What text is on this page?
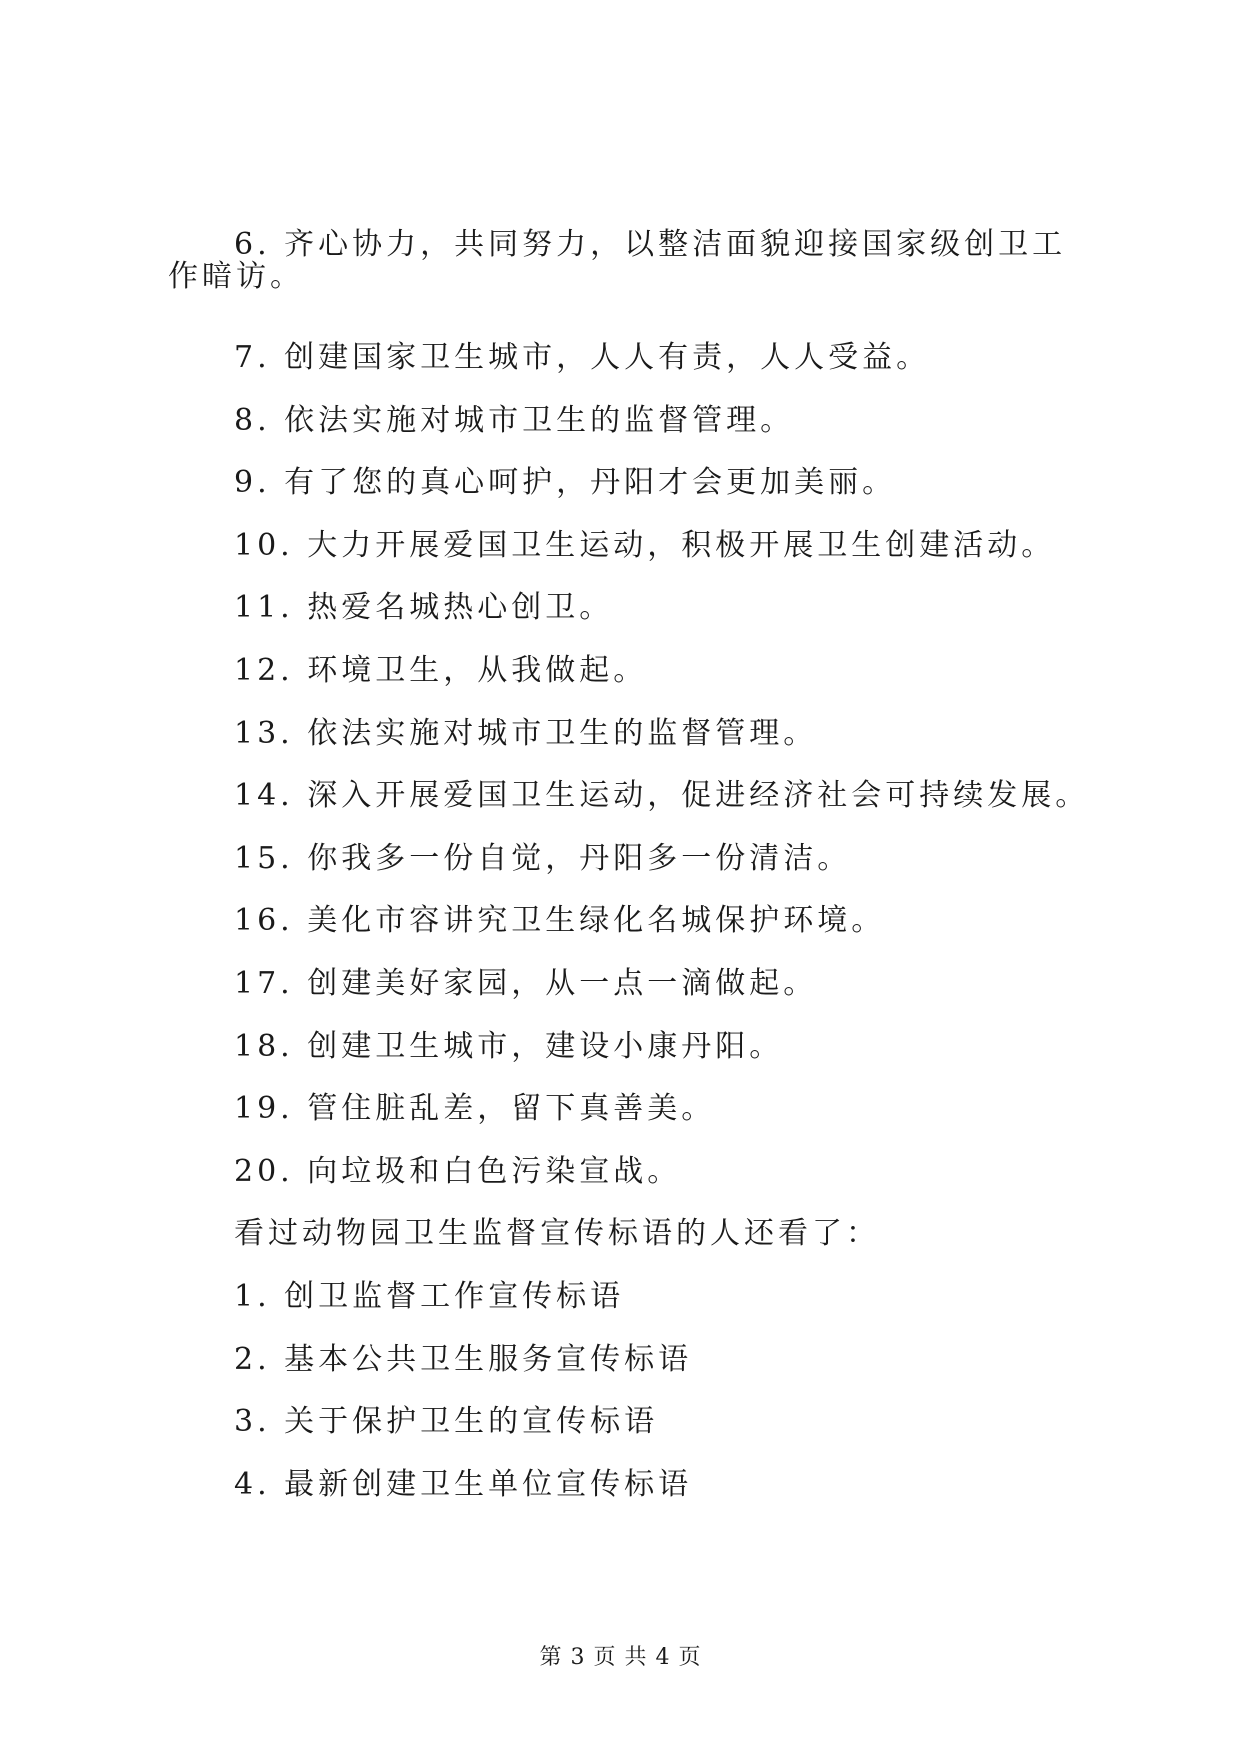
6. 齐心协力，共同努力，以整洁面貌迎接国家级创卫工作暗访。

7. 创建国家卫生城市，人人有责，人人受益。

8. 依法实施对城市卫生的监督管理。

9. 有了您的真心呵护，丹阳才会更加美丽。

10. 大力开展爱国卫生运动，积极开展卫生创建活动。

11. 热爱名城热心创卫。

12. 环境卫生，从我做起。

13. 依法实施对城市卫生的监督管理。

14. 深入开展爱国卫生运动，促进经济社会可持续发展。

15. 你我多一份自觉，丹阳多一份清洁。

16. 美化市容讲究卫生绿化名城保护环境。

17. 创建美好家园，从一点一滴做起。

18. 创建卫生城市，建设小康丹阳。

19. 管住脏乱差，留下真善美。

20. 向垃圾和白色污染宣战。

看过动物园卫生监督宣传标语的人还看了：

1. 创卫监督工作宣传标语

2. 基本公共卫生服务宣传标语

3. 关于保护卫生的宣传标语

4. 最新创建卫生单位宣传标语

第 3 页 共 4 页
